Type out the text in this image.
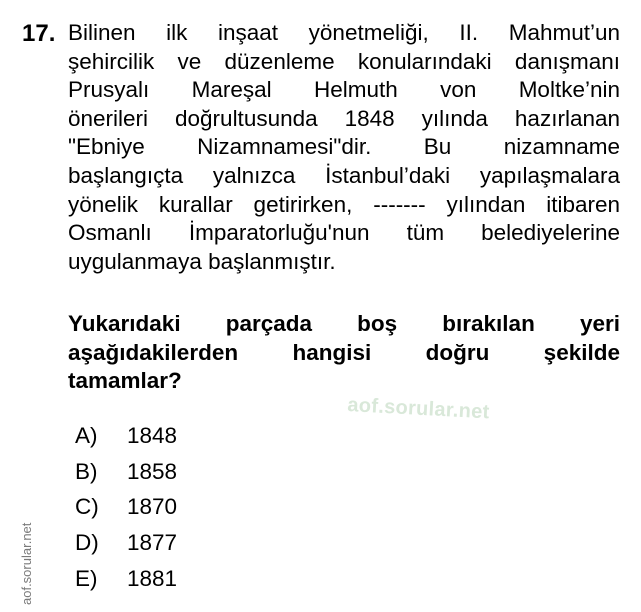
17. Bilinen ilk inşaat yönetmeliği, II. Mahmut’un
şehircilik ve düzenleme konularındaki danışmanı
Prusyalı Mareşal Helmuth von Moltke’nin
önerileri doğrultusunda 1848 yılında hazırlanan
"Ebniye Nizamnamesi"dir. Bu nizamname
başlangıçta yalnızca İstanbul’daki yapılaşmalara
yönelik kurallar getirirken, ------- yılından itibaren
Osmanlı İmparatorluğu'nun tüm belediyelerine
uygulanmaya başlanmıştır.
Yukarıdaki parçada boş bırakılan yeri
aşağıdakilerden hangisi doğru şekilde
tamamlar?
aof.sorular.net
A)	1848
B)	1858
C)	1870
D)	1877
E)	1881
aof.sorular.net
